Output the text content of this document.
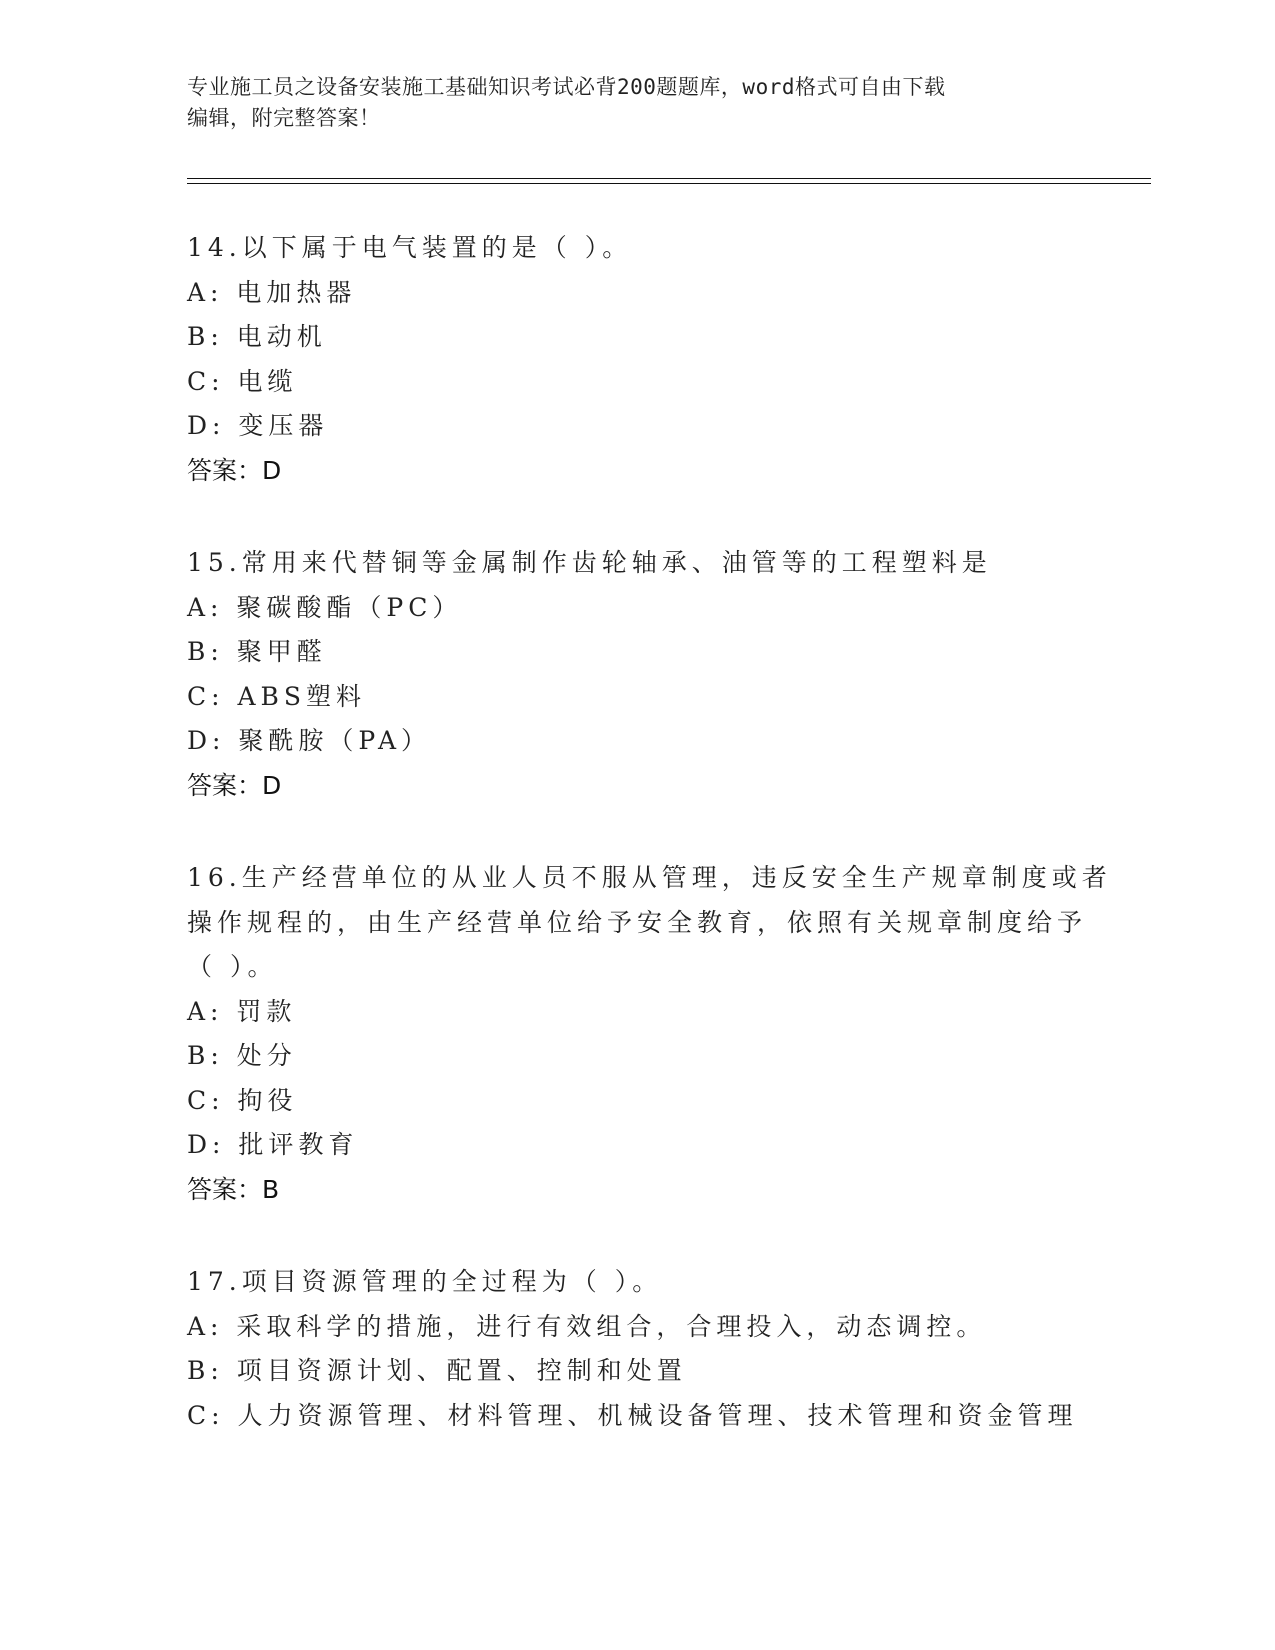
专业施工员之设备安装施工基础知识考试必背200题题库，word格式可自由下载
编辑，附完整答案！
14.以下属于电气装置的是（ ）。
A: 电加热器
B: 电动机
C: 电缆
D: 变压器
答案：D
15.常用来代替铜等金属制作齿轮轴承、油管等的工程塑料是
A: 聚碳酸酯（PC）
B: 聚甲醛
C: ABS塑料
D: 聚酰胺（PA）
答案：D
16.生产经营单位的从业人员不服从管理，违反安全生产规章制度或者
操作规程的，由生产经营单位给予安全教育，依照有关规章制度给予
（ ）。
A: 罚款
B: 处分
C: 拘役
D: 批评教育
答案：B
17.项目资源管理的全过程为（ ）。
A: 采取科学的措施，进行有效组合，合理投入，动态调控。
B: 项目资源计划、配置、控制和处置
C: 人力资源管理、材料管理、机械设备管理、技术管理和资金管理
